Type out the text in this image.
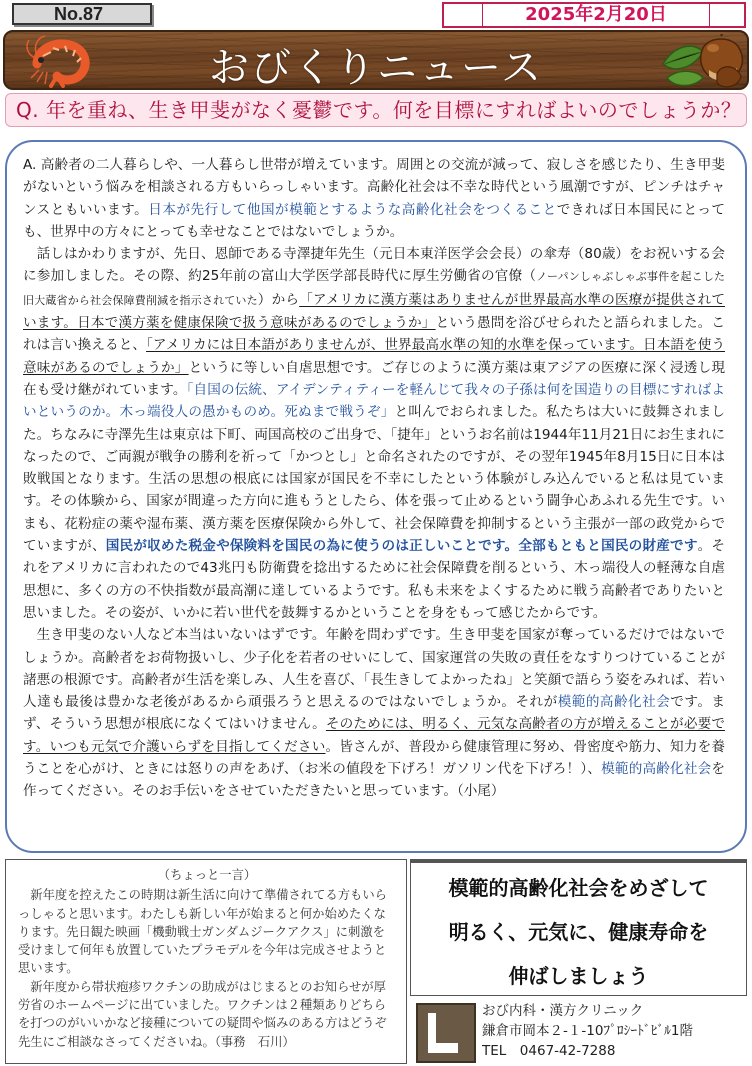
No.87	2025年2月20日
おびくりニュース
Q. 年を重ね、生き甲斐がなく憂鬱です。何を目標にすればよいのでしょうか？

A. 高齢者の二人暮らしや、一人暮らし世帯が増えています。周囲との交流が減って、寂しさを感じたり、生き甲斐がないという悩みを相談される方もいらっしゃいます。高齢化社会は不幸な時代という風潮ですが、ピンチはチャンスともいいます。日本が先行して他国が模範とするような高齢化社会をつくることできれば日本国民にとっても、世界中の方々にとっても幸せなことではないでしょうか。

話しはかわりますが、先日、恩師である寺澤捷年先生（元日本東洋医学会会長）の傘寿（80歳）をお祝いする会に参加しました。その際、約25年前の富山大学医学部長時代に厚生労働省の官僚（ノーパンしゃぶしゃぶ事件を起こした旧大蔵省から社会保障費削減を指示されていた）から「アメリカに漢方薬はありませんが世界最高水準の医療が提供されています。日本で漢方薬を健康保険で扱う意味があるのでしょうか」という愚問を浴びせられたと語られました。これは言い換えると、「アメリカには日本語がありませんが、世界最高水準の知的水準を保っています。日本語を使う意味があるのでしょうか」というに等しい自虐思想です。ご存じのように漢方薬は東アジアの医療に深く浸透し現在も受け継がれています。「自国の伝統、アイデンティティーを軽んじて我々の子孫は何を国造りの目標にすればよいというのか。木っ端役人の愚かものめ。死ぬまで戦うぞ」と叫んでおられました。私たちは大いに鼓舞されました。ちなみに寺澤先生は東京は下町、両国高校のご出身で、「捷年」というお名前は1944年11月21日にお生まれになったので、ご両親が戦争の勝利を祈って「かつとし」と命名されたのですが、その翌年1945年8月15日に日本は敗戦国となります。生活の思想の根底には国家が国民を不幸にしたという体験がしみ込んでいると私は見ています。その体験から、国家が間違った方向に進もうとしたら、体を張って止めるという闘争心あふれる先生です。いまも、花粉症の薬や湿布薬、漢方薬を医療保険から外して、社会保障費を抑制するという主張が一部の政党からでていますが、国民が収めた税金や保険料を国民の為に使うのは正しいことです。全部もともと国民の財産です。それをアメリカに言われたので43兆円も防衛費を捻出するために社会保障費を削るという、木っ端役人の軽薄な自虐思想に、多くの方の不快指数が最高潮に達しているようです。私も未来をよくするために戦う高齢者でありたいと思いました。その姿が、いかに若い世代を鼓舞するかということを身をもって感じたからです。

生き甲斐のない人など本当はいないはずです。年齢を問わずです。生き甲斐を国家が奪っているだけではないでしょうか。高齢者をお荷物扱いし、少子化を若者のせいにして、国家運営の失敗の責任をなすりつけていることが諸悪の根源です。高齢者が生活を楽しみ、人生を喜び、「長生きしてよかったね」と笑顔で語らう姿をみれば、若い人達も最後は豊かな老後があるから頑張ろうと思えるのではないでしょうか。それが模範的高齢化社会です。まず、そういう思想が根底になくてはいけません。そのためには、明るく、元気な高齢者の方が増えることが必要です。いつも元気で介護いらずを目指してください。皆さんが、普段から健康管理に努め、骨密度や筋力、知力を養うことを心がけ、ときには怒りの声をあげ、（お米の値段を下げろ！ガソリン代を下げろ！）、模範的高齢化社会を作ってください。そのお手伝いをさせていただきたいと思っています。（小尾）

（ちょっと一言）

新年度を控えたこの時期は新生活に向けて準備されてる方もいらっしゃると思います。わたしも新しい年が始まると何か始めたくなります。先日観た映画「機動戦士ガンダムジークアクス」に刺激を受けまして何年も放置していたプラモデルを今年は完成させようと思います。

新年度から帯状疱疹ワクチンの助成がはじまるとのお知らせが厚労省のホームページに出ていました。ワクチンは２種類ありどちらを打つのがいいかなど接種についての疑問や悩みのある方はどうぞ先生にご相談なさってくださいね。（事務　石川）

模範的高齢化社会をめざして
明るく、元気に、健康寿命を
伸ばしましょう
おび内科・漢方クリニック
鎌倉市岡本２-１-10ﾌﾟﾛｼｰﾄﾞﾋﾞﾙ1階
TEL　0467-42-7288
